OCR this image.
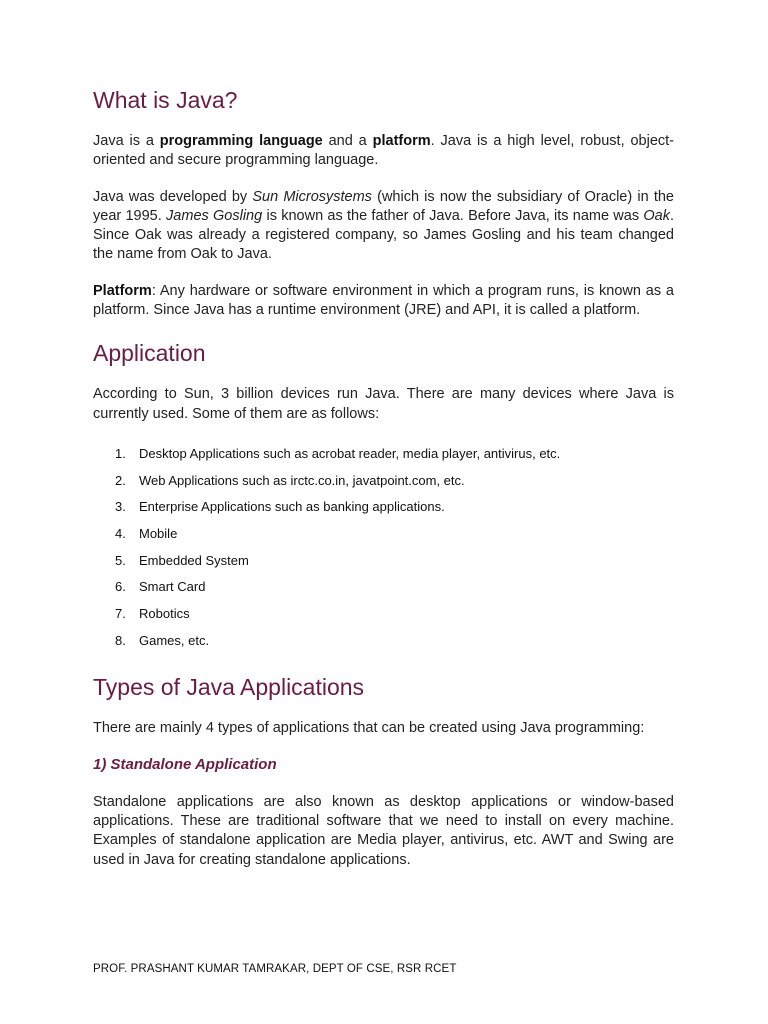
What is Java?

Java is a programming language and a platform. Java is a high level, robust, object-oriented and secure programming language.

Java was developed by Sun Microsystems (which is now the subsidiary of Oracle) in the year 1995. James Gosling is known as the father of Java. Before Java, its name was Oak. Since Oak was already a registered company, so James Gosling and his team changed the name from Oak to Java.

Platform: Any hardware or software environment in which a program runs, is known as a platform. Since Java has a runtime environment (JRE) and API, it is called a platform.

Application

According to Sun, 3 billion devices run Java. There are many devices where Java is currently used. Some of them are as follows:

1. Desktop Applications such as acrobat reader, media player, antivirus, etc.
2. Web Applications such as irctc.co.in, javatpoint.com, etc.
3. Enterprise Applications such as banking applications.
4. Mobile
5. Embedded System
6. Smart Card
7. Robotics
8. Games, etc.
Types of Java Applications

There are mainly 4 types of applications that can be created using Java programming:

1) Standalone Application

Standalone applications are also known as desktop applications or window-based applications. These are traditional software that we need to install on every machine. Examples of standalone application are Media player, antivirus, etc. AWT and Swing are used in Java for creating standalone applications.

PROF. PRASHANT KUMAR TAMRAKAR, DEPT OF CSE, RSR RCET
